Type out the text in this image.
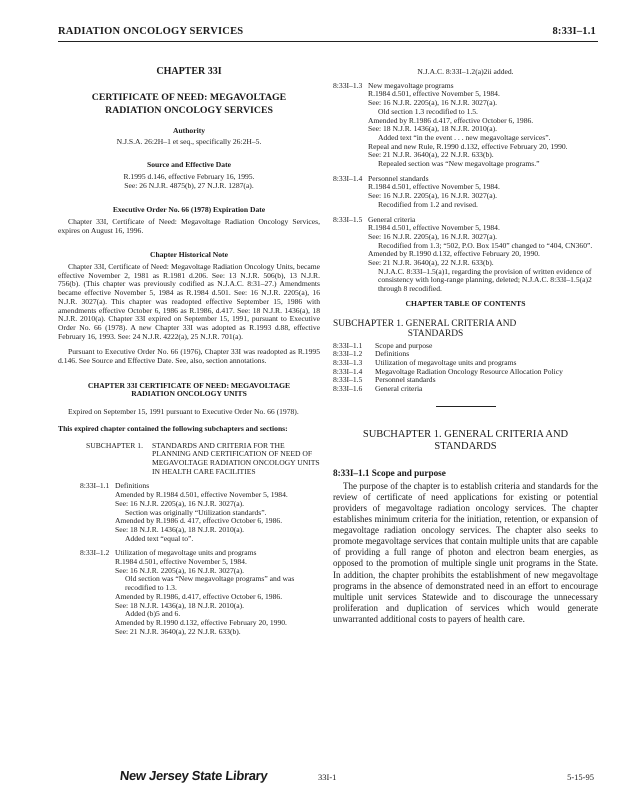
RADIATION ONCOLOGY SERVICES	8:33I–1.1
CHAPTER 33I
CERTIFICATE OF NEED: MEGAVOLTAGE
RADIATION ONCOLOGY SERVICES
Authority
N.J.S.A. 26:2H–1 et seq., specifically 26:2H–5.
Source and Effective Date
R.1995 d.146, effective February 16, 1995.
See: 26 N.J.R. 4875(b), 27 N.J.R. 1287(a).
Executive Order No. 66 (1978) Expiration Date
Chapter 33I, Certificate of Need: Megavoltage Radiation Oncology Services, expires on August 16, 1996.
Chapter Historical Note
Chapter 33I, Certificate of Need: Megavoltage Radiation Oncology Units, became effective November 2, 1981 as R.1981 d.206. See: 13 N.J.R. 506(b), 13 N.J.R. 756(b). (This chapter was previously codified as N.J.A.C. 8:31–27.) Amendments became effective November 5, 1984 as R.1984 d.501. See: 16 N.J.R. 2205(a), 16 N.J.R. 3027(a). This chapter was readopted effective September 15, 1986 with amendments effective October 6, 1986 as R.1986, d.417. See: 18 N.J.R. 1436(a), 18 N.J.R. 2010(a). Chapter 33I expired on September 15, 1991, pursuant to Executive Order No. 66 (1978). A new Chapter 33I was adopted as R.1993 d.88, effective February 16, 1993. See: 24 N.J.R. 4222(a), 25 N.J.R. 701(a).
Pursuant to Executive Order No. 66 (1976), Chapter 33I was readopted as R.1995 d.146. See Source and Effective Date. See, also, section annotations.
CHAPTER 33I CERTIFICATE OF NEED: MEGAVOLTAGE
RADIATION ONCOLOGY UNITS
Expired on September 15, 1991 pursuant to Executive Order No. 66 (1978).
This expired chapter contained the following subchapters and sections:
SUBCHAPTER 1.	STANDARDS AND CRITERIA FOR THE PLANNING AND CERTIFICATION OF NEED OF MEGAVOLTAGE RADIATION ONCOLOGY UNITS IN HEALTH CARE FACILITIES
8:33I–1.1 Definitions
Amended by R.1984 d.501, effective November 5, 1984.
See: 16 N.J.R. 2205(a), 16 N.J.R. 3027(a).
Section was originally “Utilization standards”.
Amended by R.1986 d. 417, effective October 6, 1986.
See: 18 N.J.R. 1436(a), 18 N.J.R. 2010(a).
Added text “equal to”.
8:33I–1.2 Utilization of megavoltage units and programs
R.1984 d.501, effective November 5, 1984.
See: 16 N.J.R. 2205(a), 16 N.J.R. 3027(a).
Old section was “New megavoltage programs” and was recodified to 1.3.
Amended by R.1986, d.417, effective October 6, 1986.
See: 18 N.J.R. 1436(a), 18 N.J.R. 2010(a).
Added (b)5 and 6.
Amended by R.1990 d.132, effective February 20, 1990.
See: 21 N.J.R. 3640(a), 22 N.J.R. 633(b).
N.J.A.C. 8:33I–1.2(a)2ii added.
8:33I–1.3 New megavoltage programs
R.1984 d.501, effective November 5, 1984.
See: 16 N.J.R. 2205(a), 16 N.J.R. 3027(a).
Old section 1.3 recodified to 1.5.
Amended by R.1986 d.417, effective October 6, 1986.
See: 18 N.J.R. 1436(a), 18 N.J.R. 2010(a).
Added text “in the event . . . new megavoltage services”.
Repeal and new Rule, R.1990 d.132, effective February 20, 1990.
See: 21 N.J.R. 3640(a), 22 N.J.R. 633(b).
Repealed section was “New megavoltage programs.”
8:33I–1.4 Personnel standards
R.1984 d.501, effective November 5, 1984.
See: 16 N.J.R. 2205(a), 16 N.J.R. 3027(a).
Recodified from 1.2 and revised.
8:33I–1.5 General criteria
R.1984 d.501, effective November 5, 1984.
See: 16 N.J.R. 2205(a), 16 N.J.R. 3027(a).
Recodified from 1.3; “502, P.O. Box 1540” changed to “404, CN360”.
Amended by R.1990 d.132, effective February 20, 1990.
See: 21 N.J.R. 3640(a), 22 N.J.R. 633(b).
N.J.A.C. 8:33I–1.5(a)1, regarding the provision of written evidence of consistency with long-range planning, deleted; N.J.A.C. 8:33I–1.5(a)2 through 8 recodified.
CHAPTER TABLE OF CONTENTS
SUBCHAPTER 1. GENERAL CRITERIA AND
STANDARDS
8:33I–1.1	Scope and purpose
8:33I–1.2	Definitions
8:33I–1.3	Utilization of megavoltage units and programs
8:33I–1.4	Megavoltage Radiation Oncology Resource Allocation Policy
8:33I–1.5	Personnel standards
8:33I–1.6	General criteria
SUBCHAPTER 1. GENERAL CRITERIA AND
STANDARDS
8:33I–1.1 Scope and purpose

The purpose of the chapter is to establish criteria and standards for the review of certificate of need applications for existing or potential providers of megavoltage radiation oncology services. The chapter establishes minimum criteria for the initiation, retention, or expansion of megavoltage radiation oncology services. The chapter also seeks to promote megavoltage services that contain multiple units that are capable of providing a full range of photon and electron beam energies, as opposed to the promotion of multiple single unit programs in the State. In addition, the chapter prohibits the establishment of new megavoltage programs in the absence of demonstrated need in an effort to encourage multiple unit services Statewide and to discourage the unnecessary proliferation and duplication of services which would generate unwarranted additional costs to payers of health care.

New Jersey State Library	33I-1	5-15-95
